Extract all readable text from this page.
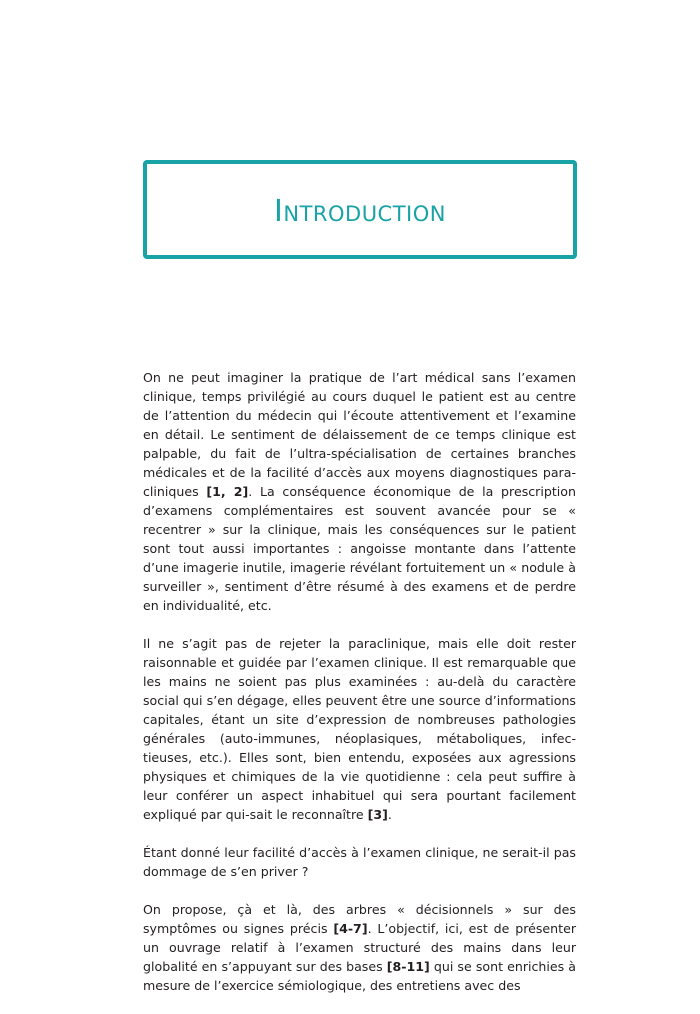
Introduction

On ne peut imaginer la pratique de l’art médical sans l’examen clinique, temps privilégié au cours duquel le patient est au centre de l’attention du médecin qui l’écoute attentivement et l’examine en détail. Le sentiment de délaissement de ce temps clinique est palpable, du fait de l’ultra-spécialisation de certaines branches médicales et de la facilité d’accès aux moyens diagnostiques paracliniques [1, 2]. La conséquence économique de la prescription d’examens complémentaires est souvent avancée pour se « recentrer » sur la clinique, mais les conséquences sur le patient sont tout aussi importantes : angoisse montante dans l’attente d’une imagerie inutile, imagerie révélant fortuitement un « nodule à surveiller », sentiment d’être résumé à des examens et de perdre en individualité, etc.

Il ne s’agit pas de rejeter la paraclinique, mais elle doit rester raisonnable et guidée par l’examen clinique. Il est remarquable que les mains ne soient pas plus examinées : au-delà du caractère social qui s’en dégage, elles peuvent être une source d’informations capitales, étant un site d’expression de nombreuses pathologies générales (auto-immunes, néoplasiques, métaboliques, infectieuses, etc.). Elles sont, bien entendu, exposées aux agressions physiques et chimiques de la vie quotidienne : cela peut suffire à leur conférer un aspect inhabituel qui sera pourtant facilement expliqué par qui-sait le reconnaître [3].

Étant donné leur facilité d’accès à l’examen clinique, ne serait-il pas dommage de s’en priver ?

On propose, çà et là, des arbres « décisionnels » sur des symptômes ou signes précis [4-7]. L’objectif, ici, est de présenter un ouvrage relatif à l’examen structuré des mains dans leur globalité en s’appuyant sur des bases [8-11] qui se sont enrichies à mesure de l’exercice sémiologique, des entretiens avec des
